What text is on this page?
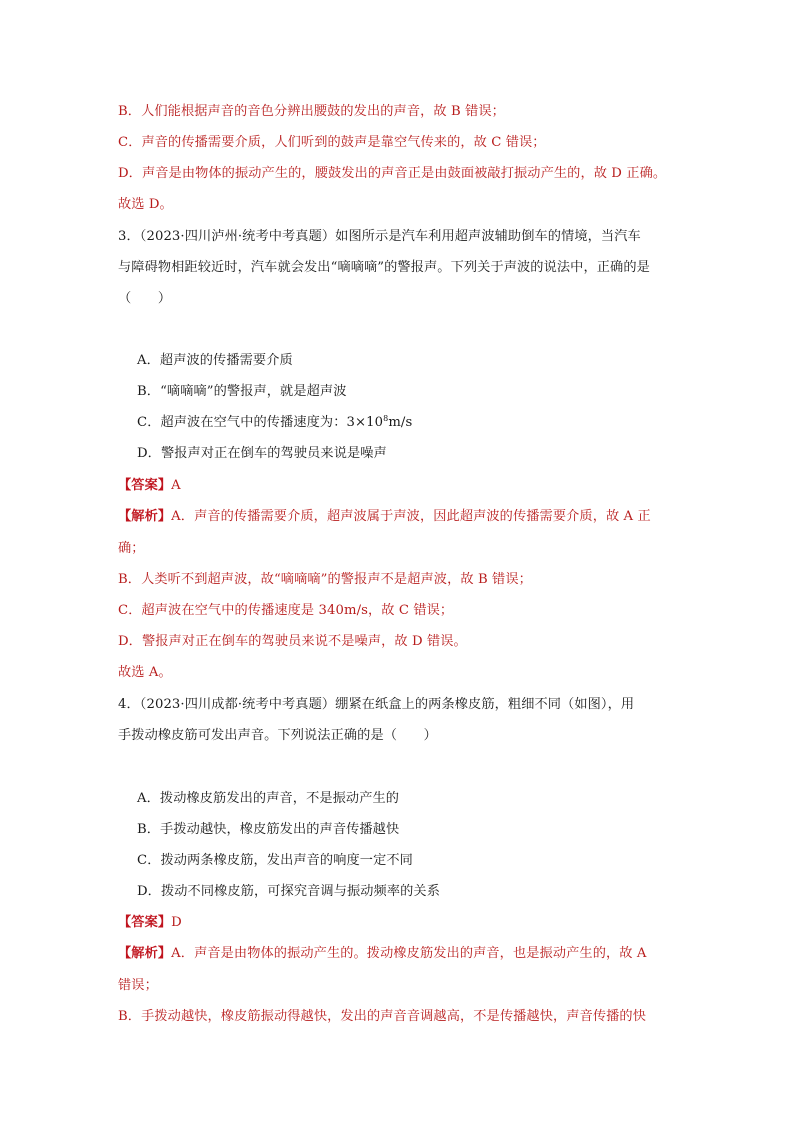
B．人们能根据声音的音色分辨出腰鼓的发出的声音，故 B 错误；
C．声音的传播需要介质，人们听到的鼓声是靠空气传来的，故 C 错误；
D．声音是由物体的振动产生的，腰鼓发出的声音正是由鼓面被敲打振动产生的，故 D 正确。
故选 D。
3．（2023·四川泸州·统考中考真题）如图所示是汽车利用超声波辅助倒车的情境，当汽车
与障碍物相距较近时，汽车就会发出“嘀嘀嘀”的警报声。下列关于声波的说法中，正确的是
（　　）
A．超声波的传播需要介质
B．“嘀嘀嘀”的警报声，就是超声波
C．超声波在空气中的传播速度为：$3\times 10^8m/s$
D．警报声对正在倒车的驾驶员来说是噪声
【答案】A
【解析】A．声音的传播需要介质，超声波属于声波，因此超声波的传播需要介质，故 A 正
确；
B．人类听不到超声波，故“嘀嘀嘀”的警报声不是超声波，故 B 错误；
C．超声波在空气中的传播速度是 340m/s，故 C 错误；
D．警报声对正在倒车的驾驶员来说不是噪声，故 D 错误。
故选 A。
4．（2023·四川成都·统考中考真题）绷紧在纸盒上的两条橡皮筋，粗细不同（如图），用
手拨动橡皮筋可发出声音。下列说法正确的是（　　）
A．拨动橡皮筋发出的声音，不是振动产生的
B．手拨动越快，橡皮筋发出的声音传播越快
C．拨动两条橡皮筋，发出声音的响度一定不同
D．拨动不同橡皮筋，可探究音调与振动频率的关系
【答案】D
【解析】A．声音是由物体的振动产生的。拨动橡皮筋发出的声音，也是振动产生的，故 A
错误；
B．手拨动越快，橡皮筋振动得越快，发出的声音音调越高，不是传播越快，声音传播的快
